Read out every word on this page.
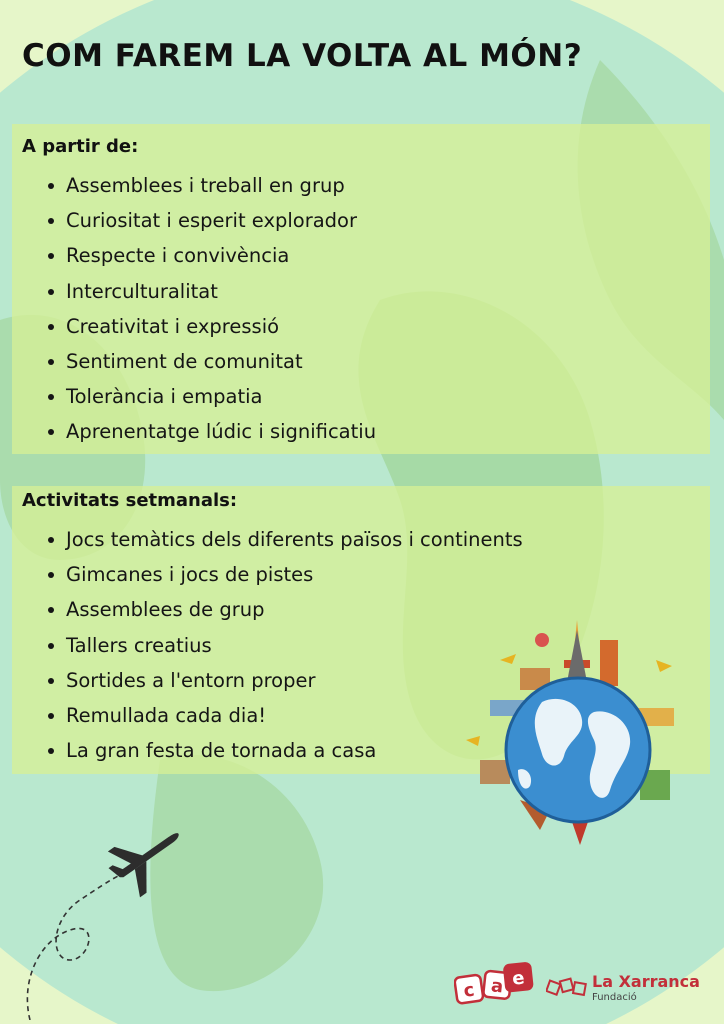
COM FAREM LA VOLTA AL MÓN?
A partir de:
Assemblees i treball en grup
Curiositat i esperit explorador
Respecte i convivència
Interculturalitat
Creativitat i expressió
Sentiment de comunitat
Tolerància i empatia
Aprenentatge lúdic i significatiu
Activitats setmanals:
Jocs temàtics dels diferents països i continents
Gimcanes i jocs de pistes
Assemblees de grup
Tallers creatius
Sortides a l'entorn proper
Remullada cada dia!
La gran festa de tornada a casa
c a e	La Xarranca
Fundació
